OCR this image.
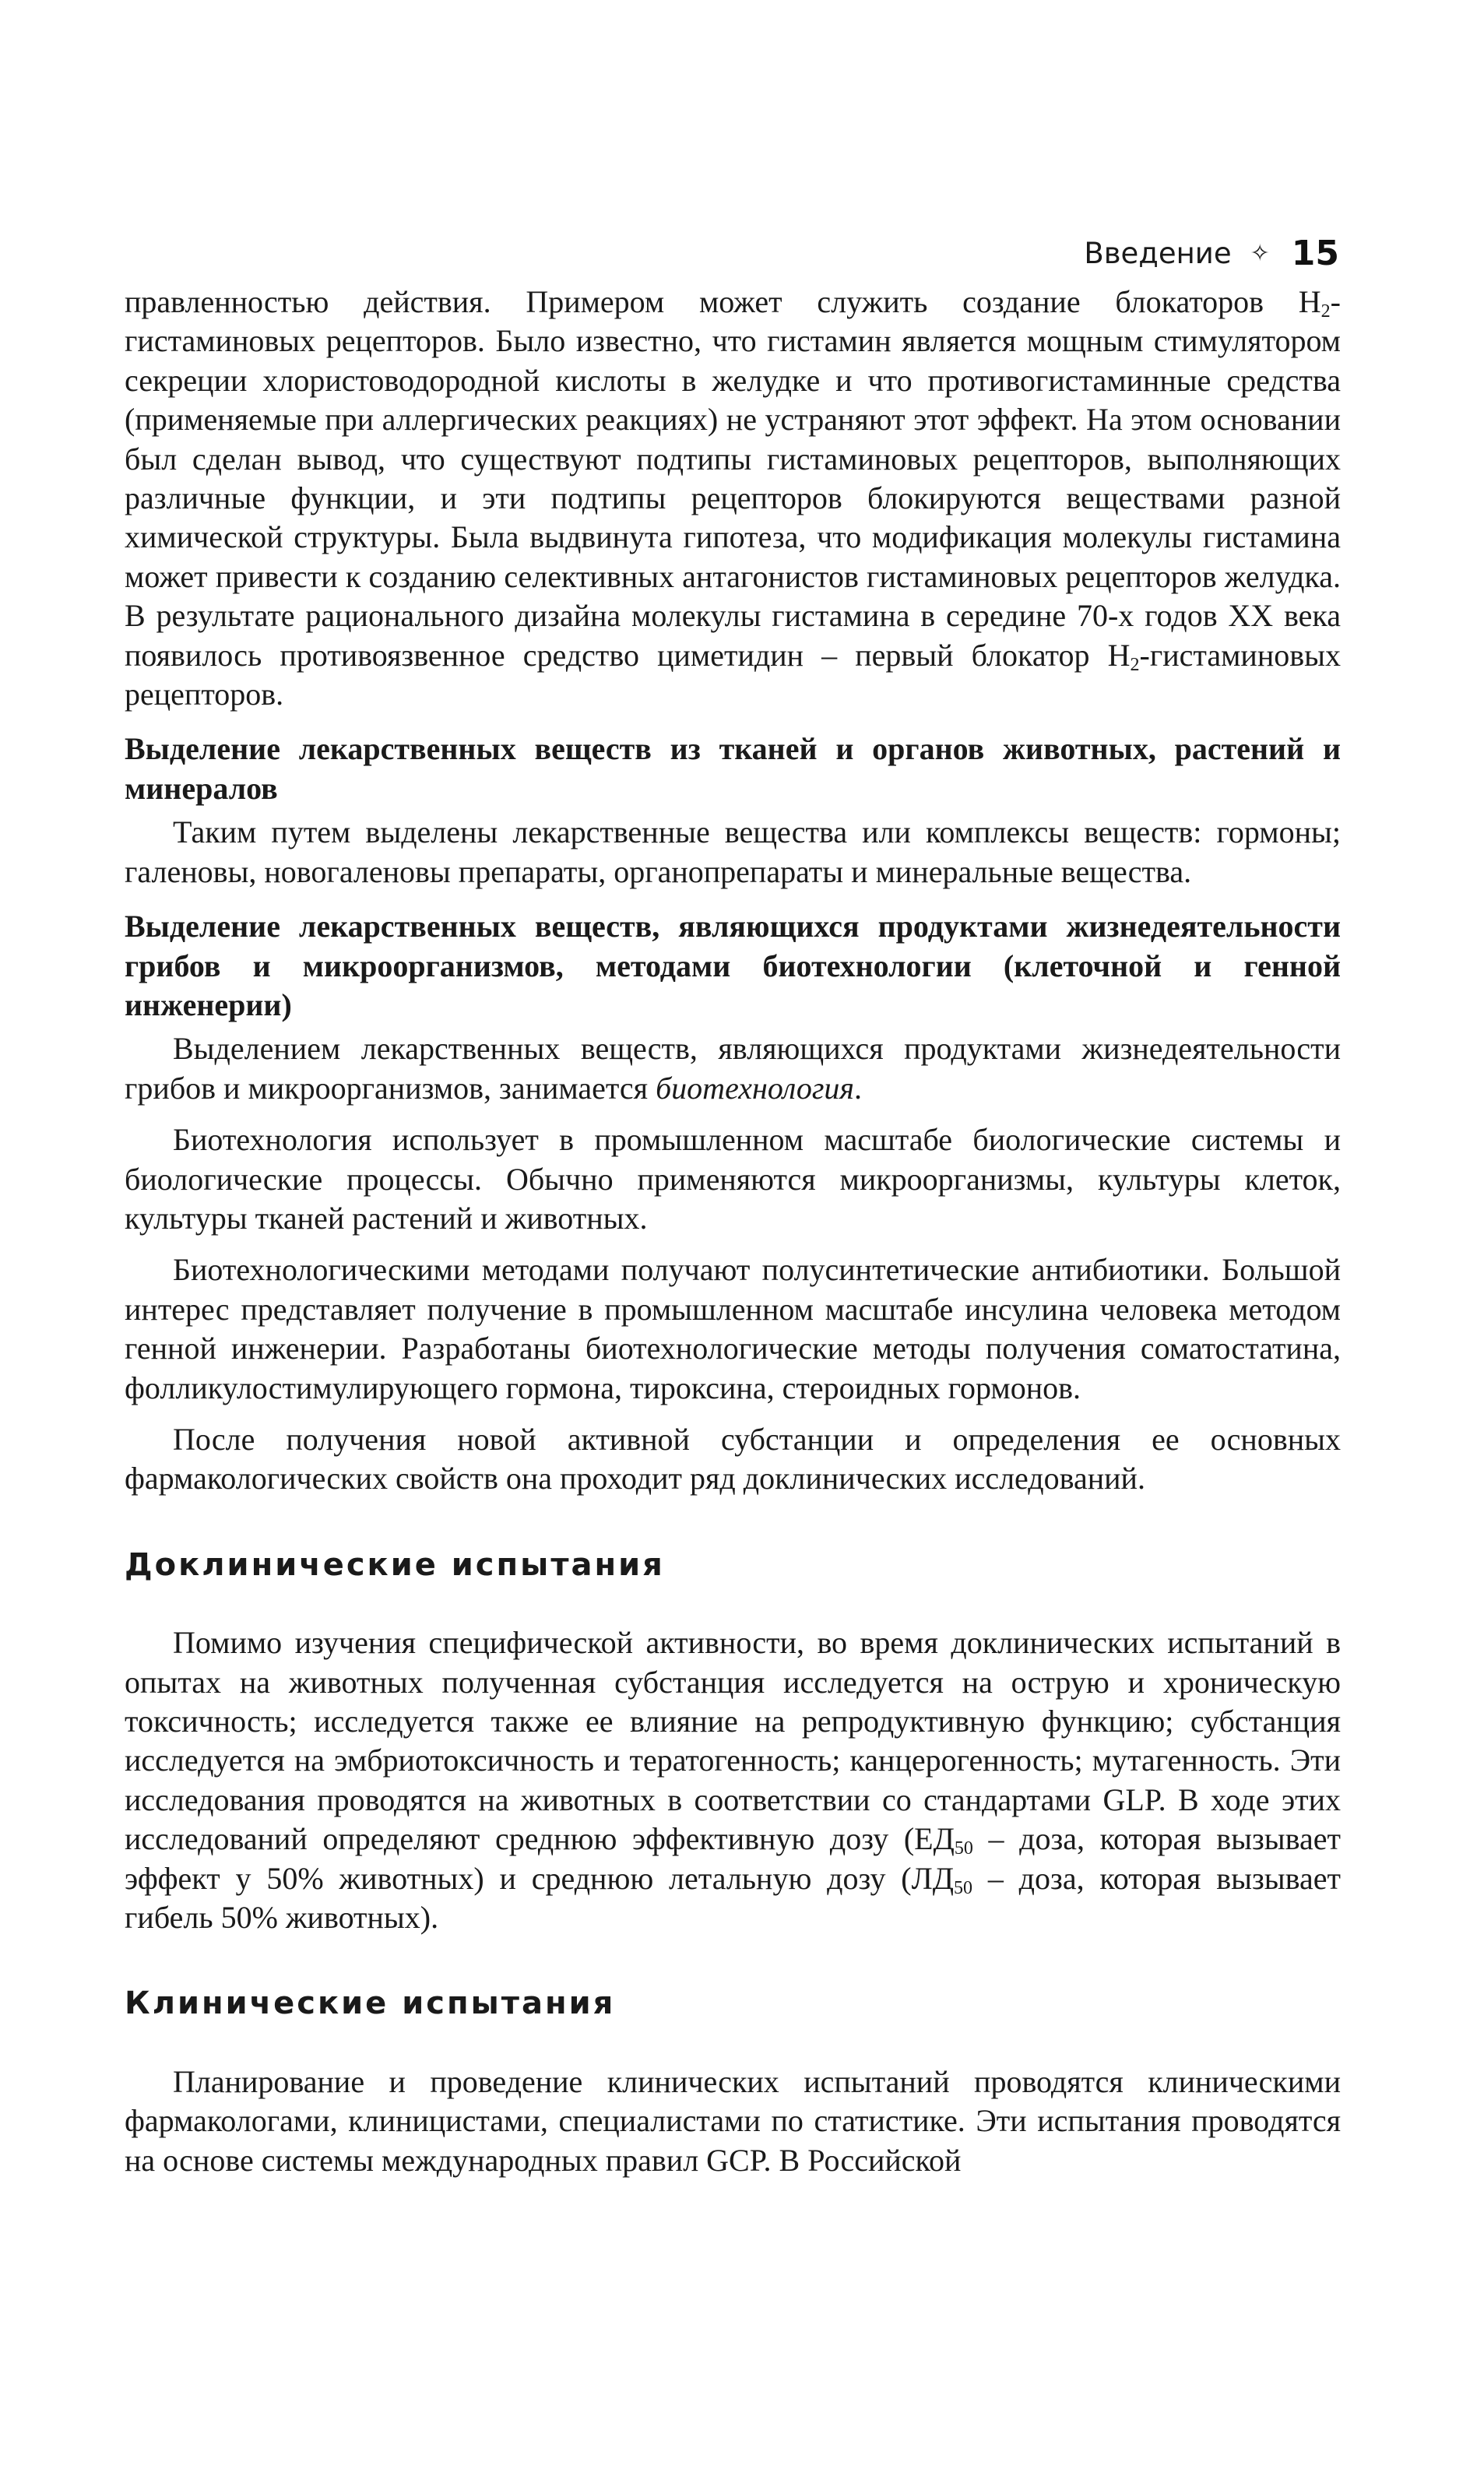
Введение ✧ 15

правленностью действия. Примером может служить создание блокаторов $Н_2$-гистаминовых рецепторов. Было известно, что гистамин является мощным стимулятором секреции хлористоводородной кислоты в желудке и что противогистаминные средства (применяемые при аллергических реакциях) не устраняют этот эффект. На этом основании был сделан вывод, что существуют подтипы гистаминовых рецепторов, выполняющих различные функции, и эти подтипы рецепторов блокируются веществами разной химической структуры. Была выдвинута гипотеза, что модификация молекулы гистамина может привести к созданию селективных антагонистов гистаминовых рецепторов желудка. В результате рационального дизайна молекулы гистамина в середине 70-х годов XX века появилось противоязвенное средство циметидин – первый блокатор $Н_2$-гистаминовых рецепторов.

Выделение лекарственных веществ из тканей и органов животных, растений и минералов

Таким путем выделены лекарственные вещества или комплексы веществ: гормоны; галеновы, новогаленовы препараты, органопрепараты и минеральные вещества.

Выделение лекарственных веществ, являющихся продуктами жизнедеятельности грибов и микроорганизмов, методами биотехнологии (клеточной и генной инженерии)

Выделением лекарственных веществ, являющихся продуктами жизнедеятельности грибов и микроорганизмов, занимается биотехнология.

Биотехнология использует в промышленном масштабе биологические системы и биологические процессы. Обычно применяются микроорганизмы, культуры клеток, культуры тканей растений и животных.

Биотехнологическими методами получают полусинтетические антибиотики. Большой интерес представляет получение в промышленном масштабе инсулина человека методом генной инженерии. Разработаны биотехнологические методы получения соматостатина, фолликулостимулирующего гормона, тироксина, стероидных гормонов.

После получения новой активной субстанции и определения ее основных фармакологических свойств она проходит ряд доклинических исследований.

Доклинические испытания

Помимо изучения специфической активности, во время доклинических испытаний в опытах на животных полученная субстанция исследуется на острую и хроническую токсичность; исследуется также ее влияние на репродуктивную функцию; субстанция исследуется на эмбриотоксичность и тератогенность; канцерогенность; мутагенность. Эти исследования проводятся на животных в соответствии со стандартами GLP. В ходе этих исследований определяют среднюю эффективную дозу ($ЕД_{50}$ – доза, которая вызывает эффект у 50% животных) и среднюю летальную дозу ($ЛД_{50}$ – доза, которая вызывает гибель 50% животных).

Клинические испытания

Планирование и проведение клинических испытаний проводятся клиническими фармакологами, клиницистами, специалистами по статистике. Эти испытания проводятся на основе системы международных правил GCP. В Российской
